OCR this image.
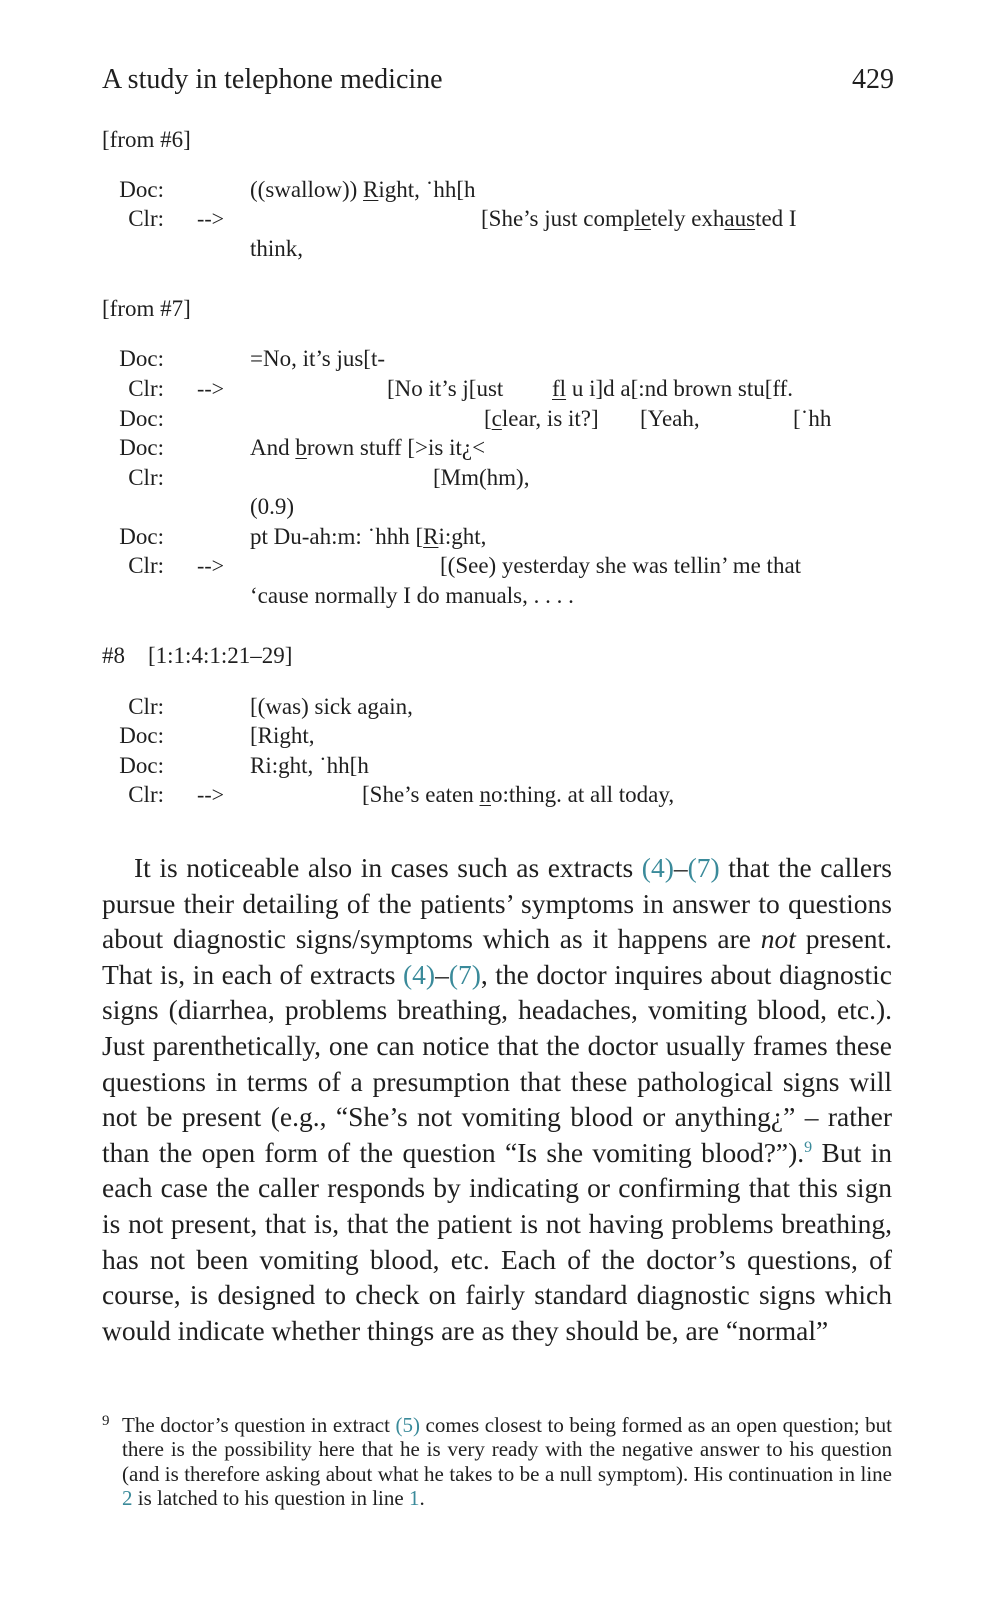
A study in telephone medicine	429
[from #6]
Doc:	((swallow)) Right, ˙hh[h
Clr: -->	[She’s just completely exhausted I
think,
[from #7]
Doc:	=No, it’s jus[t-
Clr: -->	[No it’s j[ust fl u i]d a[:nd brown stu[ff.
Doc:	[clear, is it?] [Yeah,	[˙hh
Doc:	And brown stuff [>is it¿<
Clr:	[Mm(hm),
(0.9)
Doc:	pt Du-ah:m: ˙hhh [Ri:ght,
Clr: -->	[(See) yesterday she was tellin’ me that
‘cause normally I do manuals, . . . .
#8    [1:1:4:1:21–29]
Clr:	[(was) sick again,
Doc:	[Right,
Doc:	Ri:ght, ˙hh[h
Clr: -->	[She’s eaten no:thing. at all today,

It is noticeable also in cases such as extracts (4)–(7) that the callers pursue their detailing of the patients’ symptoms in answer to questions about diagnostic signs/symptoms which as it happens are not present. That is, in each of extracts (4)–(7), the doctor inquires about diagnostic signs (diarrhea, problems breathing, headaches, vomiting blood, etc.). Just parenthetically, one can notice that the doctor usually frames these questions in terms of a presumption that these pathological signs will not be present (e.g., “She’s not vomiting blood or anything¿” – rather than the open form of the question “Is she vomiting blood?”).$^9$ But in each case the caller responds by indicating or confirming that this sign is not present, that is, that the patient is not having problems breathing, has not been vomiting blood, etc. Each of the doctor’s questions, of course, is designed to check on fairly standard diagnostic signs which would indicate whether things are as they should be, are “normal”

9 The doctor’s question in extract (5) comes closest to being formed as an open question; but there is the possibility here that he is very ready with the negative answer to his question (and is therefore asking about what he takes to be a null symptom). His continuation in line 2 is latched to his question in line 1.
